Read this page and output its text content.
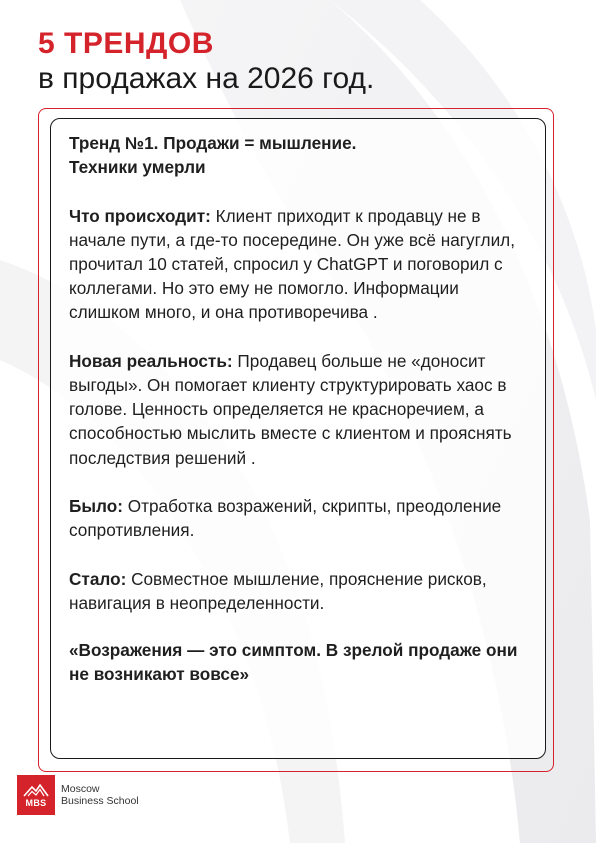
5 ТРЕНДОВ
в продажах на 2026 год.

Тренд №1. Продажи = мышление.
Техники умерли

Что происходит: Клиент приходит к продавцу не в начале пути, а где-то посередине. Он уже всё нагуглил, прочитал 10 статей, спросил у ChatGPT и поговорил с коллегами. Но это ему не помогло. Информации слишком много, и она противоречива .

Новая реальность: Продавец больше не «доносит выгоды». Он помогает клиенту структурировать хаос в голове. Ценность определяется не красноречием, а способностью мыслить вместе с клиентом и прояснять последствия решений .

Было: Отработка возражений, скрипты, преодоление сопротивления.

Стало: Совместное мышление, прояснение рисков, навигация в неопределенности.

«Возражения — это симптом. В зрелой продаже они не возникают вовсе»

MBS
Moscow
Business School
